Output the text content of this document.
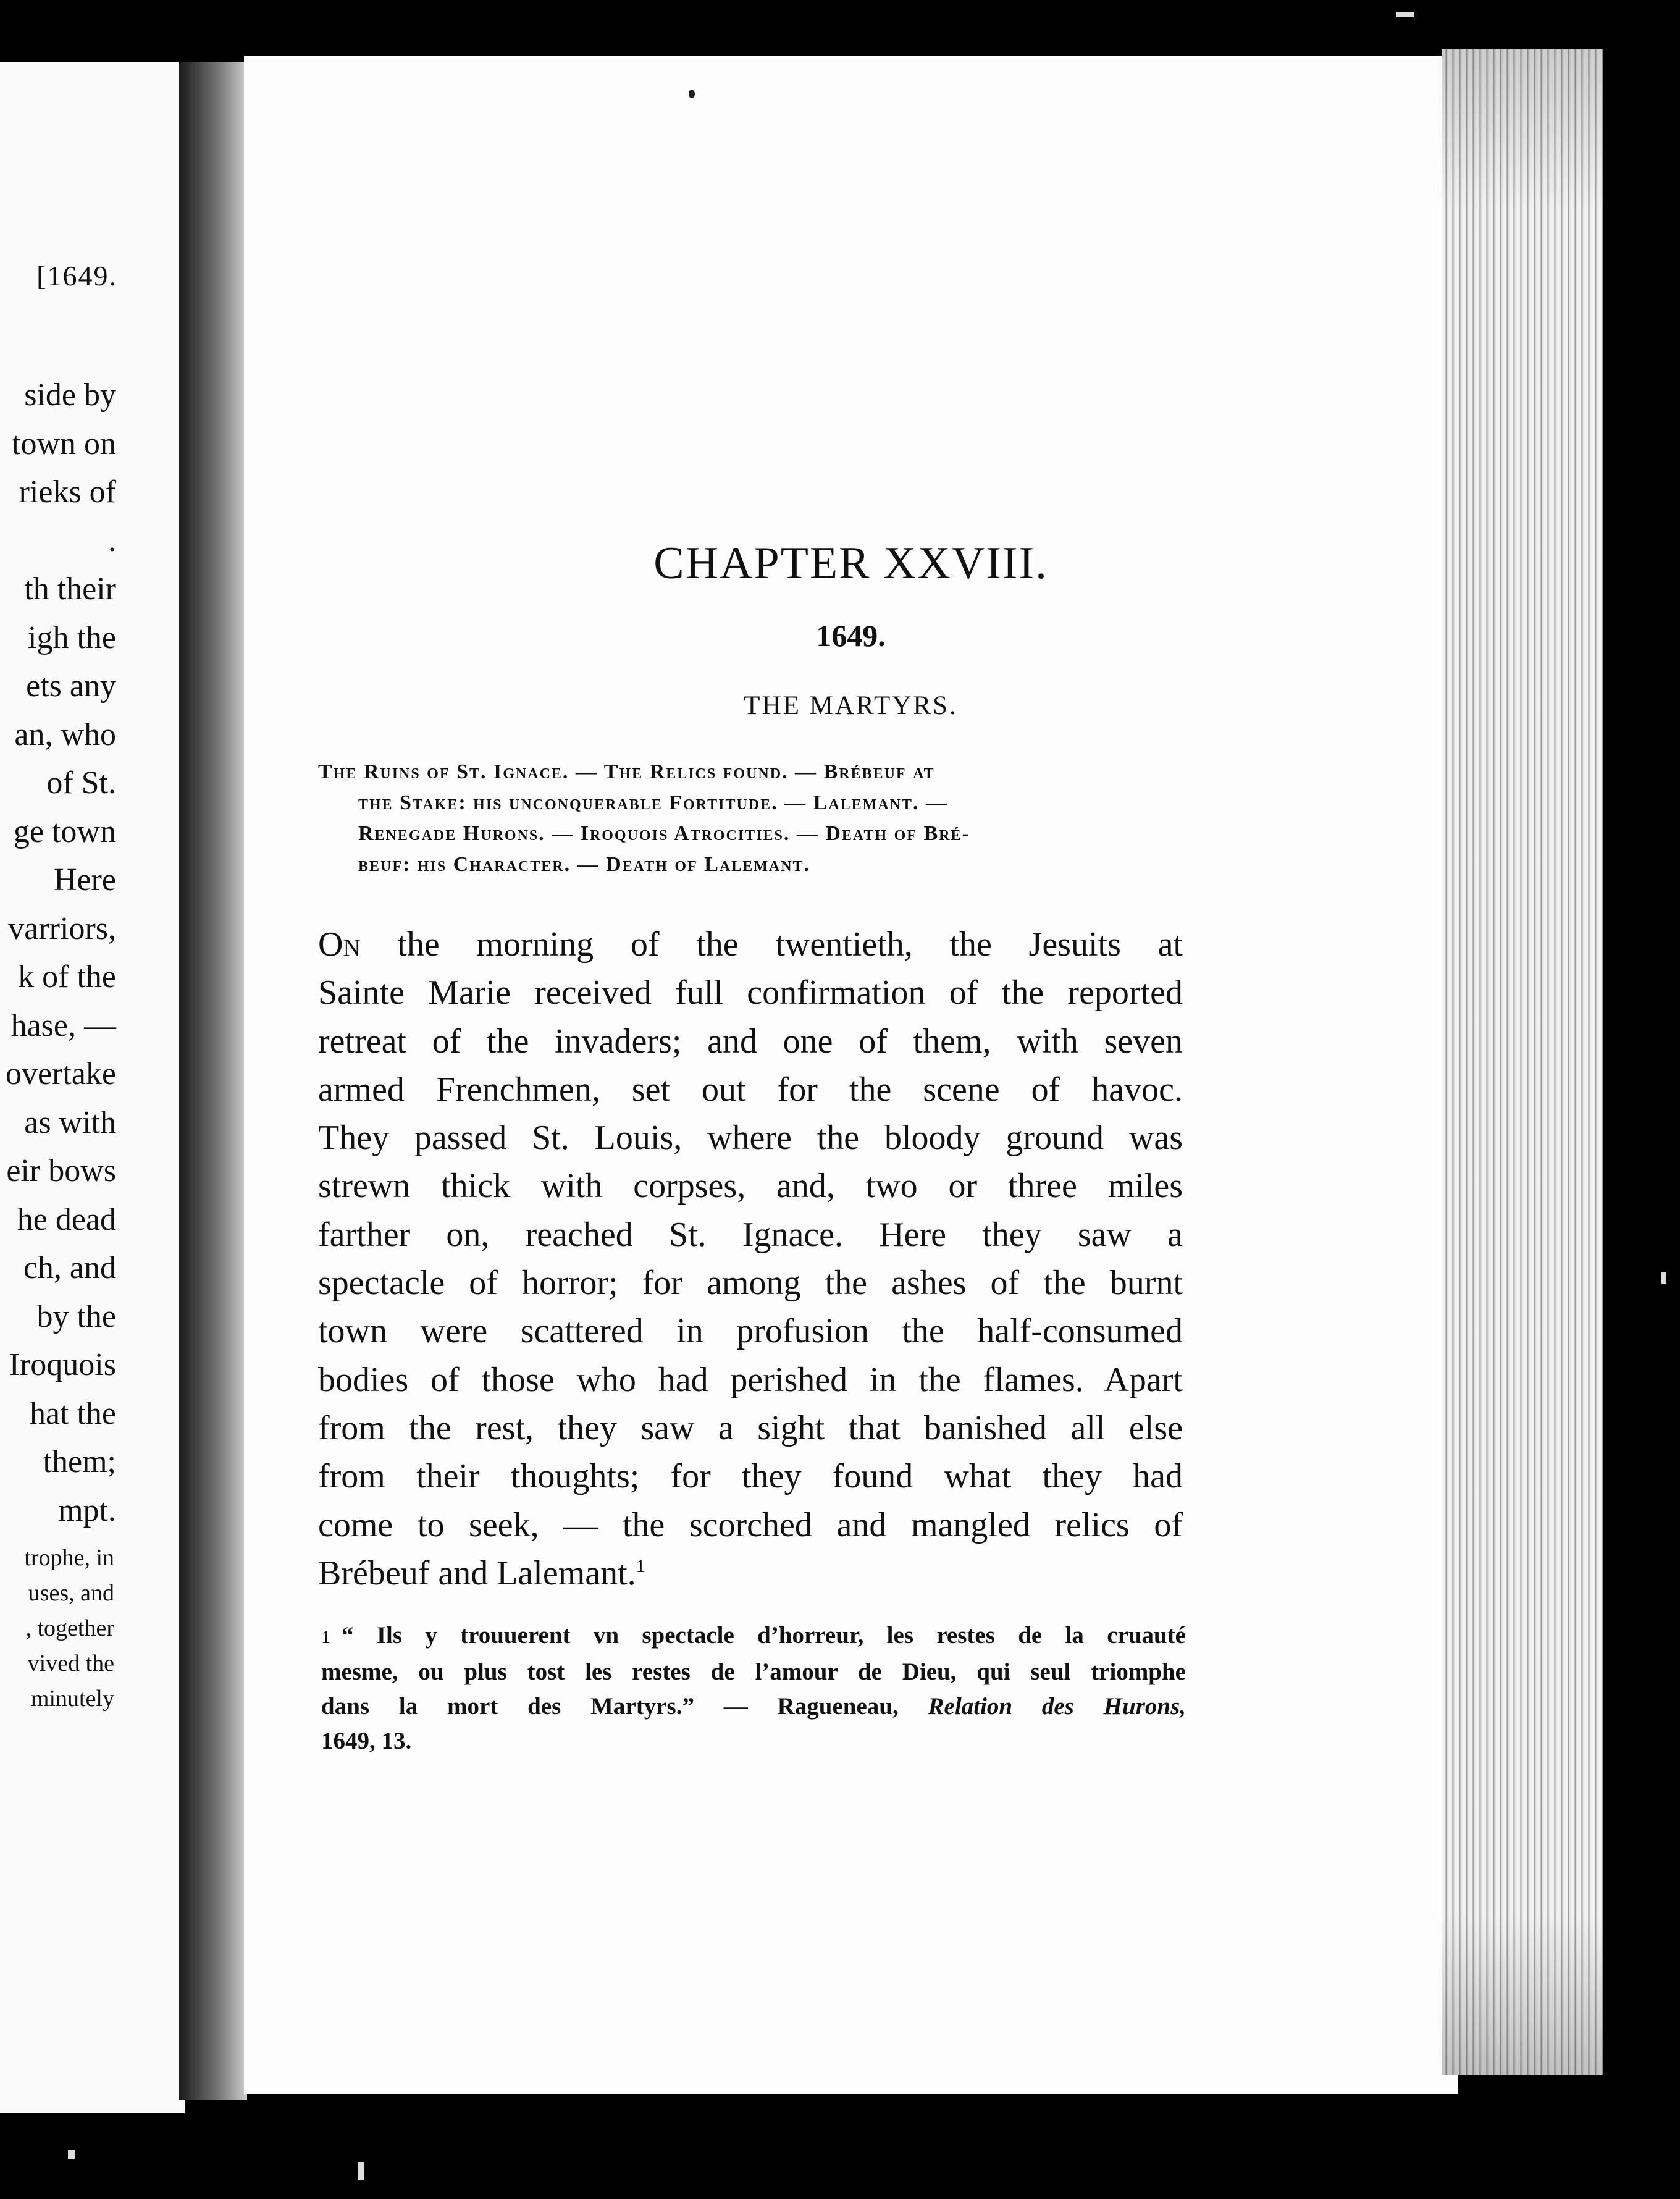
[1649.
side by
town on
rieks of
.
th their
igh the
ets any
an, who
of St.
ge town
Here
varriors,
k of the
hase, —
overtake
as with
eir bows
he dead
ch, and
by the
Iroquois
hat the
them;
mpt.
trophe, in
uses, and
, together
vived the
minutely
CHAPTER XXVIII.
1649.
THE MARTYRS.
The Ruins of St. Ignace. — The Relics found. — Brébeuf at
the Stake: his unconquerable Fortitude. — Lalemant. —
Renegade Hurons. — Iroquois Atrocities. — Death of Bré-
beuf: his Character. — Death of Lalemant.
On the morning of the twentieth, the Jesuits at
Sainte Marie received full confirmation of the reported
retreat of the invaders; and one of them, with seven
armed Frenchmen, set out for the scene of havoc.
They passed St. Louis, where the bloody ground was
strewn thick with corpses, and, two or three miles
farther on, reached St. Ignace. Here they saw a
spectacle of horror; for among the ashes of the burnt
town were scattered in profusion the half-consumed
bodies of those who had perished in the flames. Apart
from the rest, they saw a sight that banished all else
from their thoughts; for they found what they had
come to seek, — the scorched and mangled relics of
Brébeuf and Lalemant.$^1$
1 “ Ils y trouuerent vn spectacle d’horreur, les restes de la cruauté
mesme, ou plus tost les restes de l’amour de Dieu, qui seul triomphe
dans la mort des Martyrs.” — Ragueneau, Relation des Hurons,
1649, 13.
